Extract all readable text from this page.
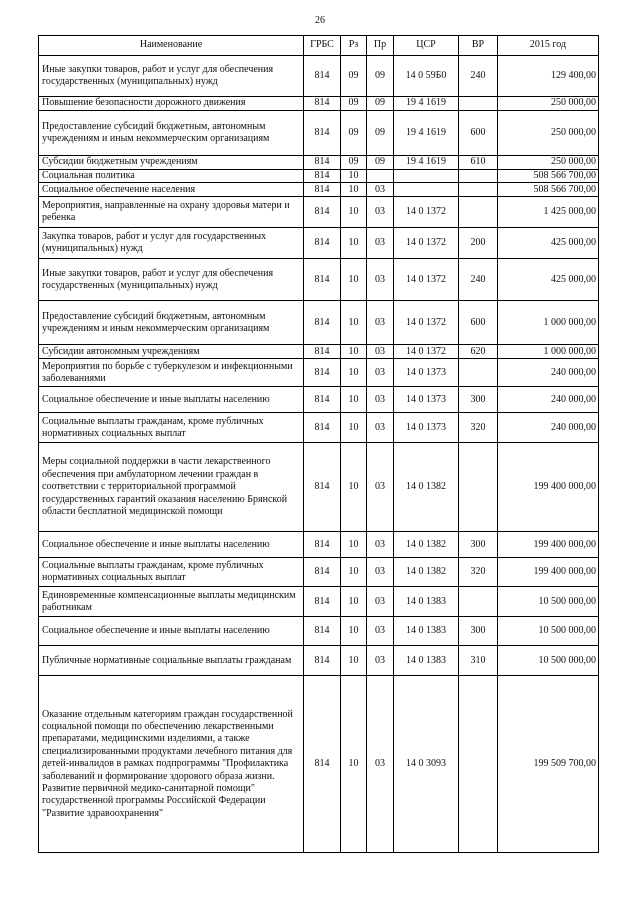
26
Наименование	ГРБС	Рз	Пр	ЦСР	ВР	2015 год
Иные закупки товаров, работ и услуг для обеспечения государственных (муниципальных) нужд	814	09	09	14 0 59Б0	240	129 400,00
Повышение безопасности дорожного движения	814	09	09	19 4 1619		250 000,00
Предоставление субсидий бюджетным, автономным учреждениям и иным некоммерческим организациям	814	09	09	19 4 1619	600	250 000,00
Субсидии бюджетным учреждениям	814	09	09	19 4 1619	610	250 000,00
Социальная политика	814	10				508 566 700,00
Социальное обеспечение населения	814	10	03			508 566 700,00
Мероприятия, направленные на охрану здоровья матери и ребенка	814	10	03	14 0 1372		1 425 000,00
Закупка товаров, работ и услуг для государственных (муниципальных) нужд	814	10	03	14 0 1372	200	425 000,00
Иные закупки товаров, работ и услуг для обеспечения государственных (муниципальных) нужд	814	10	03	14 0 1372	240	425 000,00
Предоставление субсидий бюджетным, автономным учреждениям и иным некоммерческим организациям	814	10	03	14 0 1372	600	1 000 000,00
Субсидии автономным учреждениям	814	10	03	14 0 1372	620	1 000 000,00
Мероприятия по борьбе с туберкулезом и инфекционными заболеваниями	814	10	03	14 0 1373		240 000,00
Социальное обеспечение и иные выплаты населению	814	10	03	14 0 1373	300	240 000,00
Социальные выплаты гражданам, кроме публичных нормативных социальных выплат	814	10	03	14 0 1373	320	240 000,00
Меры социальной поддержки в части лекарственного обеспечения при амбулаторном лечении граждан в соответствии с территориальной программой государственных гарантий оказания населению Брянской области бесплатной медицинской помощи	814	10	03	14 0 1382		199 400 000,00
Социальное обеспечение и иные выплаты населению	814	10	03	14 0 1382	300	199 400 000,00
Социальные выплаты гражданам, кроме публичных нормативных социальных выплат	814	10	03	14 0 1382	320	199 400 000,00
Единовременные компенсационные выплаты медицинским работникам	814	10	03	14 0 1383		10 500 000,00
Социальное обеспечение и иные выплаты населению	814	10	03	14 0 1383	300	10 500 000,00
Публичные нормативные социальные выплаты гражданам	814	10	03	14 0 1383	310	10 500 000,00
Оказание отдельным категориям граждан государственной социальной помощи по обеспечению лекарственными препаратами, медицинскими изделиями, а также специализированными продуктами лечебного питания для детей-инвалидов в рамках подпрограммы "Профилактика заболеваний и формирование здорового образа жизни. Развитие первичной медико-санитарной помощи" государственной программы Российской Федерации "Развитие здравоохранения"	814	10	03	14 0 3093		199 509 700,00
